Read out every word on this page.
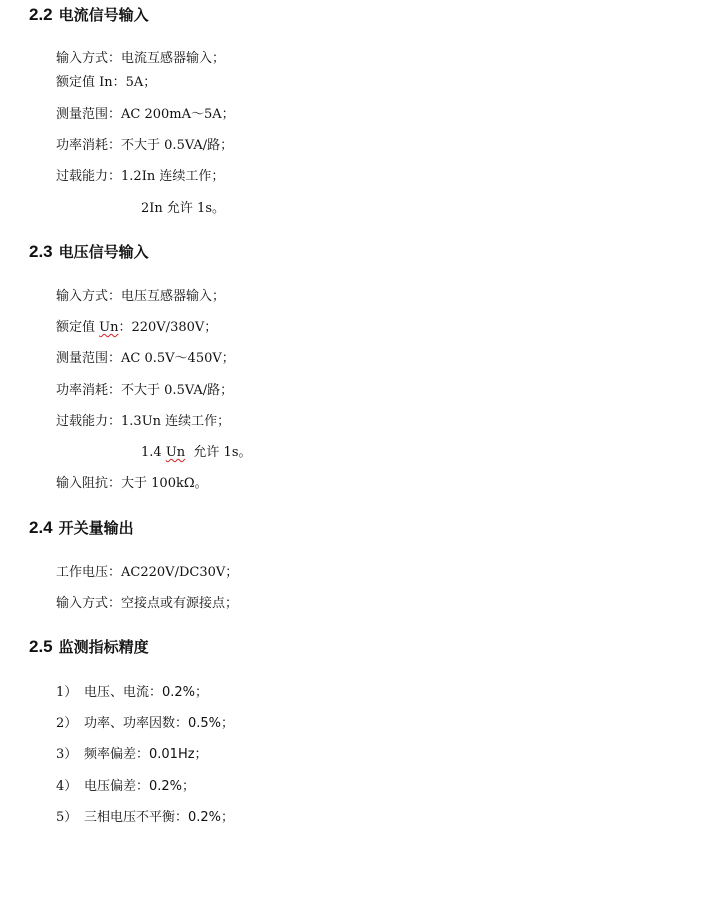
2.2 电流信号输入
输入方式：电流互感器输入；
额定值 In：5A；
测量范围：AC 200mA～5A；
功率消耗：不大于 0.5VA/路；
过载能力：1.2In 连续工作；
2In 允许 1s。
2.3 电压信号输入
输入方式：电压互感器输入；
额定值 Un：220V/380V；
测量范围：AC 0.5V～450V；
功率消耗：不大于 0.5VA/路；
过载能力：1.3Un 连续工作；
1.4 Un  允许 1s。
输入阻抗：大于 100kΩ。
2.4 开关量输出
工作电压：AC220V/DC30V；
输入方式：空接点或有源接点；
2.5 监测指标精度
1） 电压、电流：0.2%；
2） 功率、功率因数：0.5%；
3） 频率偏差：0.01Hz；
4） 电压偏差：0.2%；
5） 三相电压不平衡：0.2%；
